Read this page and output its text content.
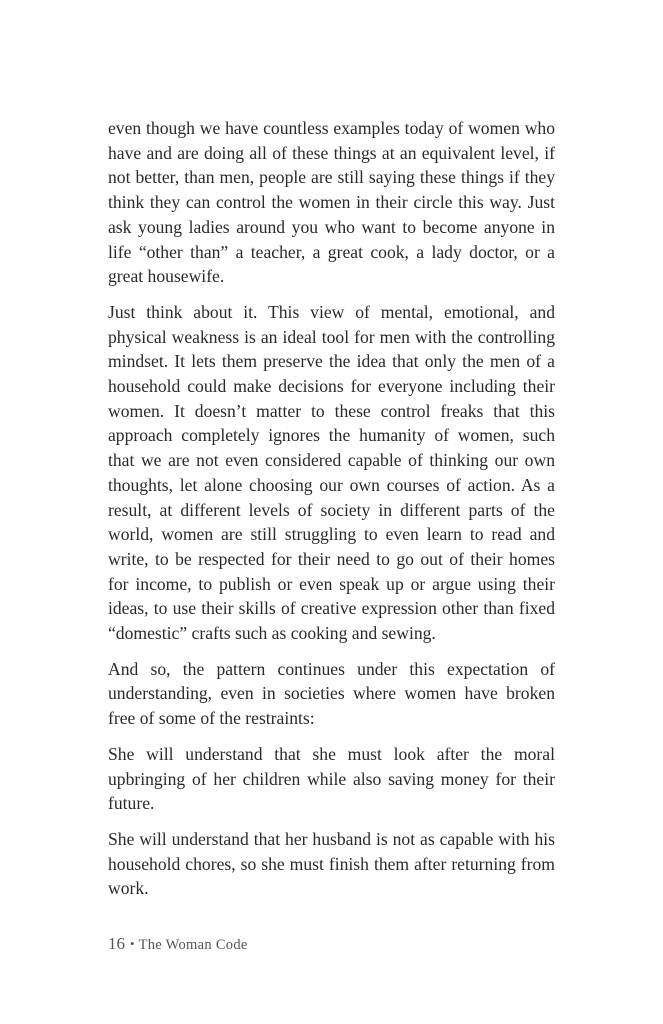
even though we have countless examples today of women who have and are doing all of these things at an equivalent level, if not better, than men, people are still saying these things if they think they can control the women in their circle this way. Just ask young ladies around you who want to become anyone in life “other than” a teacher, a great cook, a lady doctor, or a great housewife.

Just think about it. This view of mental, emotional, and physical weakness is an ideal tool for men with the controlling mindset. It lets them preserve the idea that only the men of a household could make decisions for everyone including their women. It doesn’t matter to these control freaks that this approach completely ignores the humanity of women, such that we are not even considered capable of thinking our own thoughts, let alone choosing our own courses of action. As a result, at different levels of society in different parts of the world, women are still struggling to even learn to read and write, to be respected for their need to go out of their homes for income, to publish or even speak up or argue using their ideas, to use their skills of creative expression other than fixed “domestic” crafts such as cooking and sewing.

And so, the pattern continues under this expectation of understanding, even in societies where women have broken free of some of the restraints:

She will understand that she must look after the moral upbringing of her children while also saving money for their future.

She will understand that her husband is not as capable with his household chores, so she must finish them after returning from work.

16 • The Woman Code
